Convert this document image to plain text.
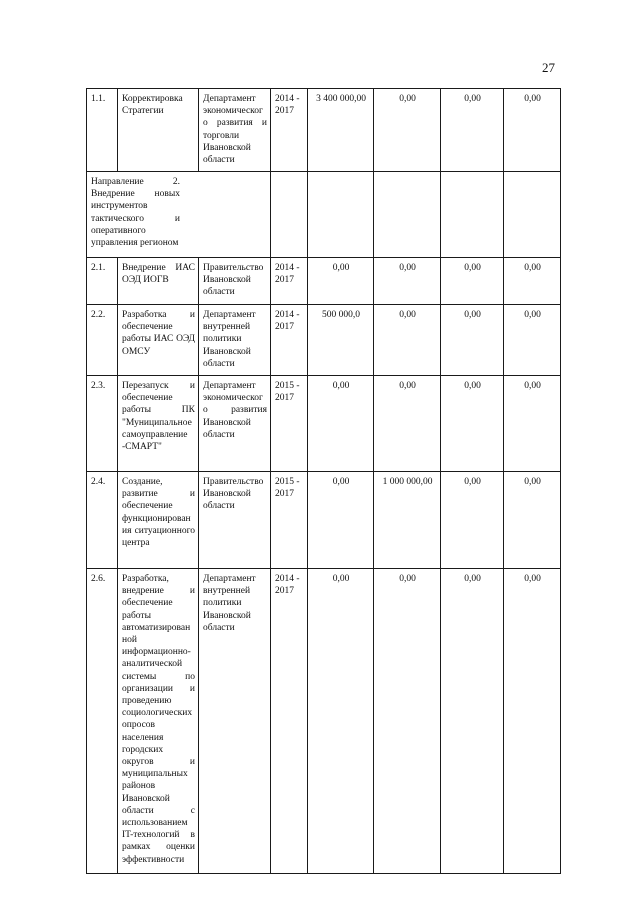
27
1.1.	Корректировка Стратегии	Департамент экономического развития и торговли Ивановской области	2014 - 2017	3 400 000,00	0,00	0,00	0,00
Направление 2. Внедрение новых инструментов тактического и оперативного управления регионом							
2.1.	Внедрение ИАС ОЭД ИОГВ	Правительство Ивановской области	2014 - 2017	0,00	0,00	0,00	0,00
2.2.	Разработка и обеспечение работы ИАС ОЭД ОМСУ	Департамент внутренней политики Ивановской области	2014 - 2017	500 000,0	0,00	0,00	0,00
2.3.	Перезапуск и обеспечение работы ПК "Муниципальное самоуправление -СМАРТ"	Департамент экономического развития Ивановской области	2015 - 2017	0,00	0,00	0,00	0,00
2.4.	Создание, развитие и обеспечение функционирования ситуационного центра	Правительство Ивановской области	2015 - 2017	0,00	1 000 000,00	0,00	0,00
2.6.	Разработка, внедрение и обеспечение работы автоматизированной информационно-аналитической системы по организации и проведению социологических опросов населения городских округов и муниципальных районов Ивановской области с использованием IT-технологий в рамках оценки эффективности	Департамент внутренней политики Ивановской области	2014 - 2017	0,00	0,00	0,00	0,00
